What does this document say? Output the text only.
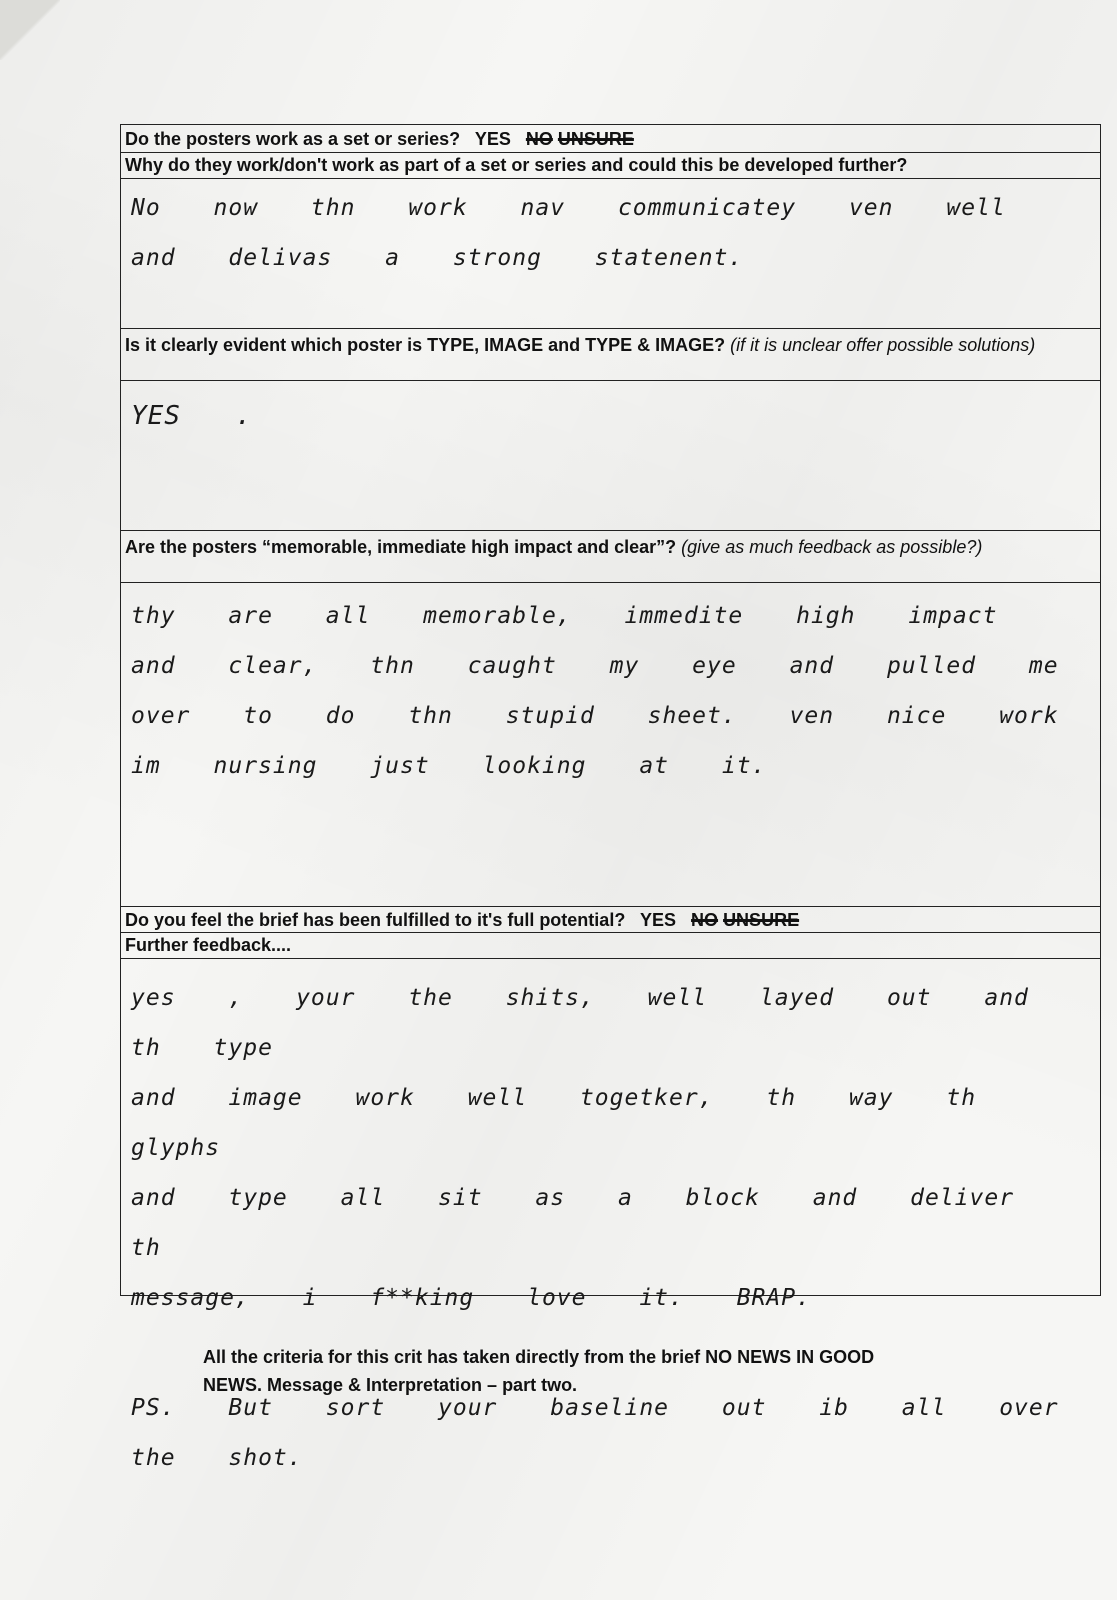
Do the posters work as a set or series? YES NO UNSURE
Why do they work/don't work as part of a set or series and could this be developed further?
No now thn work nav communicatey ven well
and delivas a strong statenent.
Is it clearly evident which poster is TYPE, IMAGE and TYPE & IMAGE? (if it is unclear offer possible solutions)
YES .
Are the posters “memorable, immediate high impact and clear”? (give as much feedback as possible?)
thy are all memorable, immedite high impact
and clear, thn caught my eye and pulled me
over to do thn stupid sheet. ven nice work
im nursing just looking at it.
Do you feel the brief has been fulfilled to it's full potential? YES NO UNSURE
Further feedback....
yes , your the shits, well layed out and th type
and image work well togetker, th way th glyphs
and type all sit as a block and deliver th
message, i f**king love it. BRAP.
PS. But sort your baseline out ib all over the shot.
All the criteria for this crit has taken directly from the brief NO NEWS IN GOOD
NEWS. Message & Interpretation – part two.
